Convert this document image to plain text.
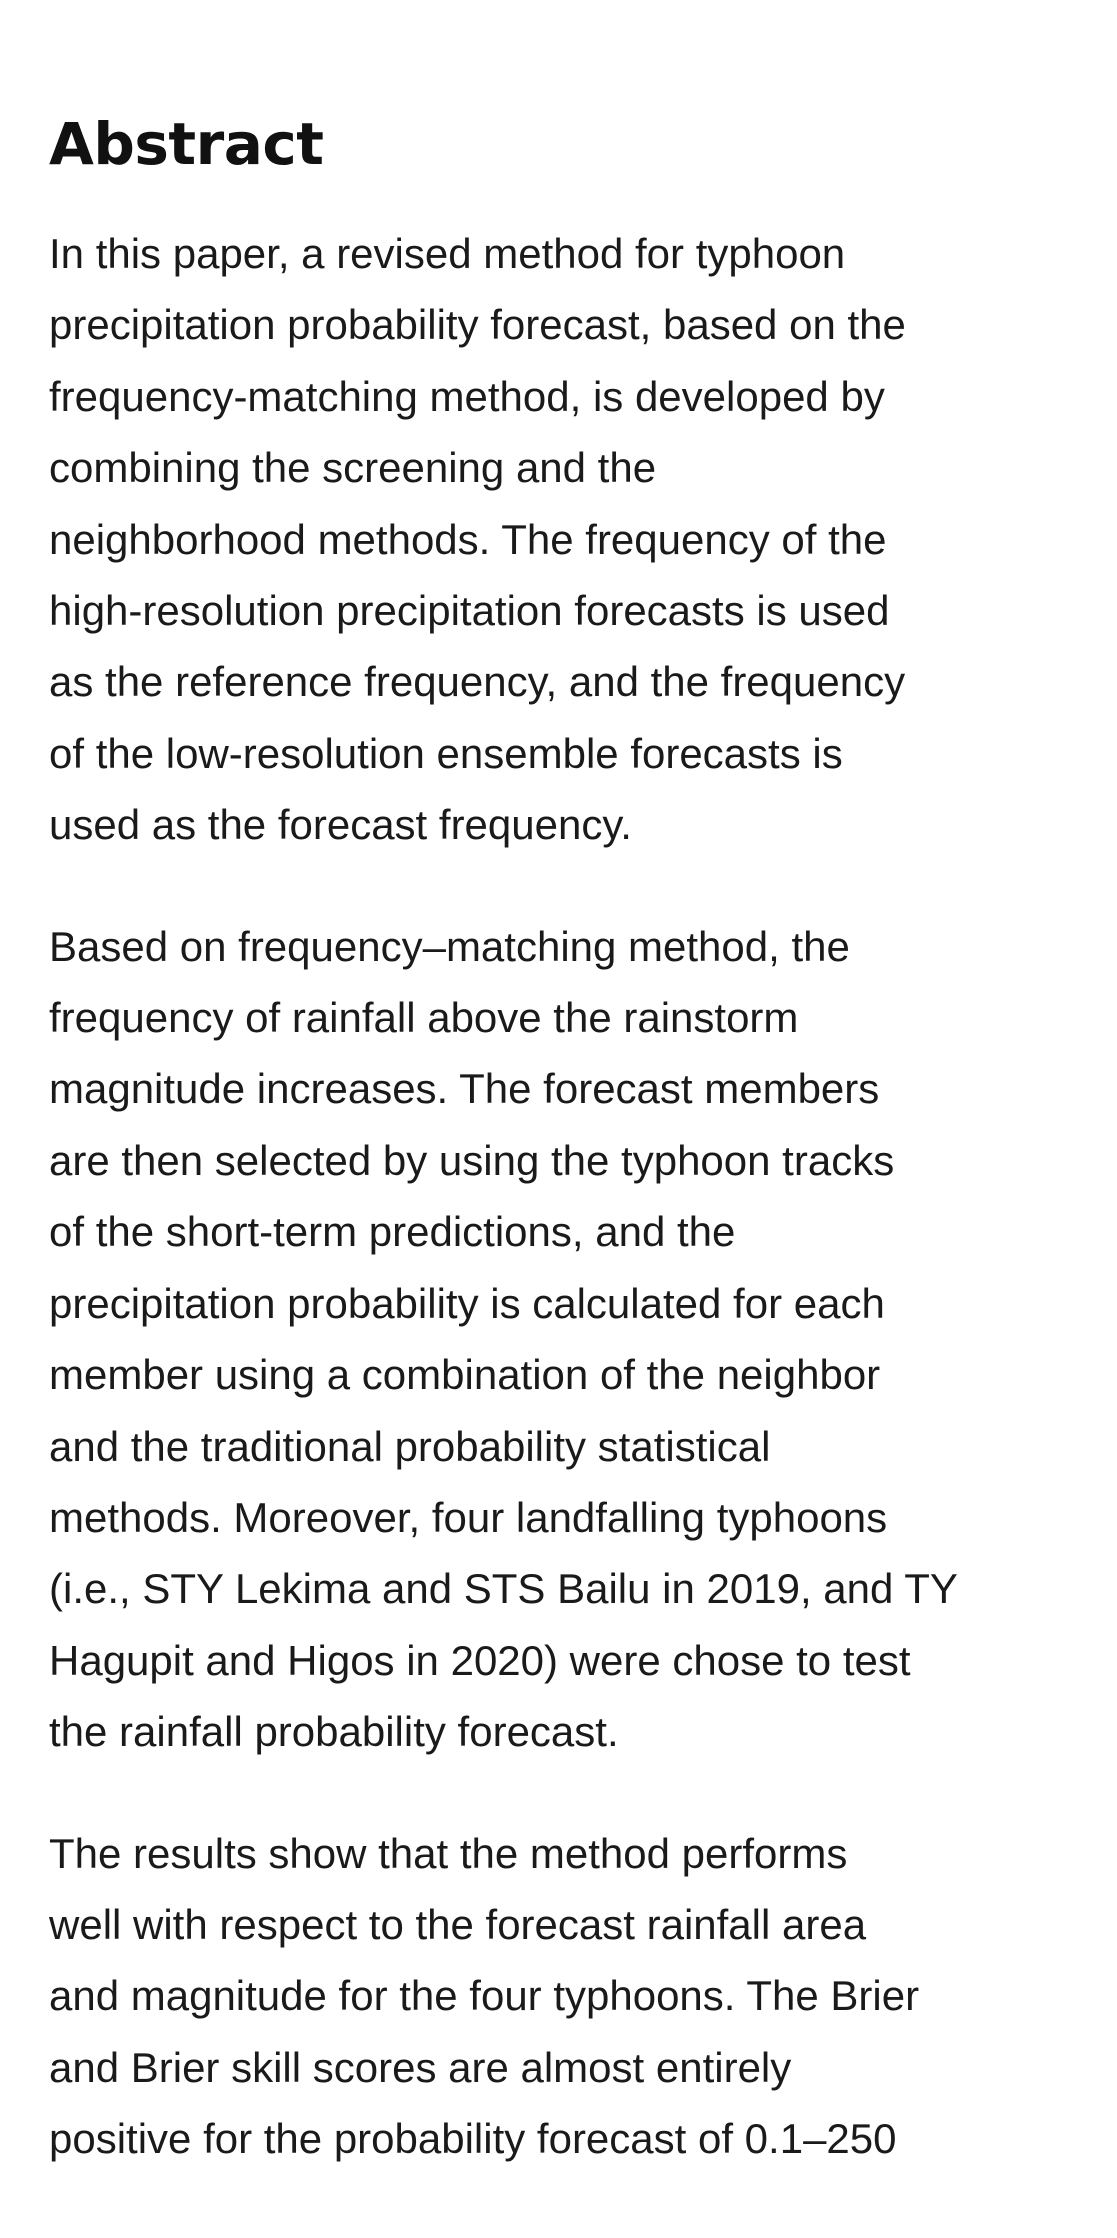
Abstract

In this paper, a revised method for typhoon
precipitation probability forecast, based on the
frequency-matching method, is developed by
combining the screening and the
neighborhood methods. The frequency of the
high-resolution precipitation forecasts is used
as the reference frequency, and the frequency
of the low-resolution ensemble forecasts is
used as the forecast frequency.

Based on frequency–matching method, the
frequency of rainfall above the rainstorm
magnitude increases. The forecast members
are then selected by using the typhoon tracks
of the short-term predictions, and the
precipitation probability is calculated for each
member using a combination of the neighbor
and the traditional probability statistical
methods. Moreover, four landfalling typhoons
(i.e., STY Lekima and STS Bailu in 2019, and TY
Hagupit and Higos in 2020) were chose to test
the rainfall probability forecast.

The results show that the method performs
well with respect to the forecast rainfall area
and magnitude for the four typhoons. The Brier
and Brier skill scores are almost entirely
positive for the probability forecast of 0.1–250
